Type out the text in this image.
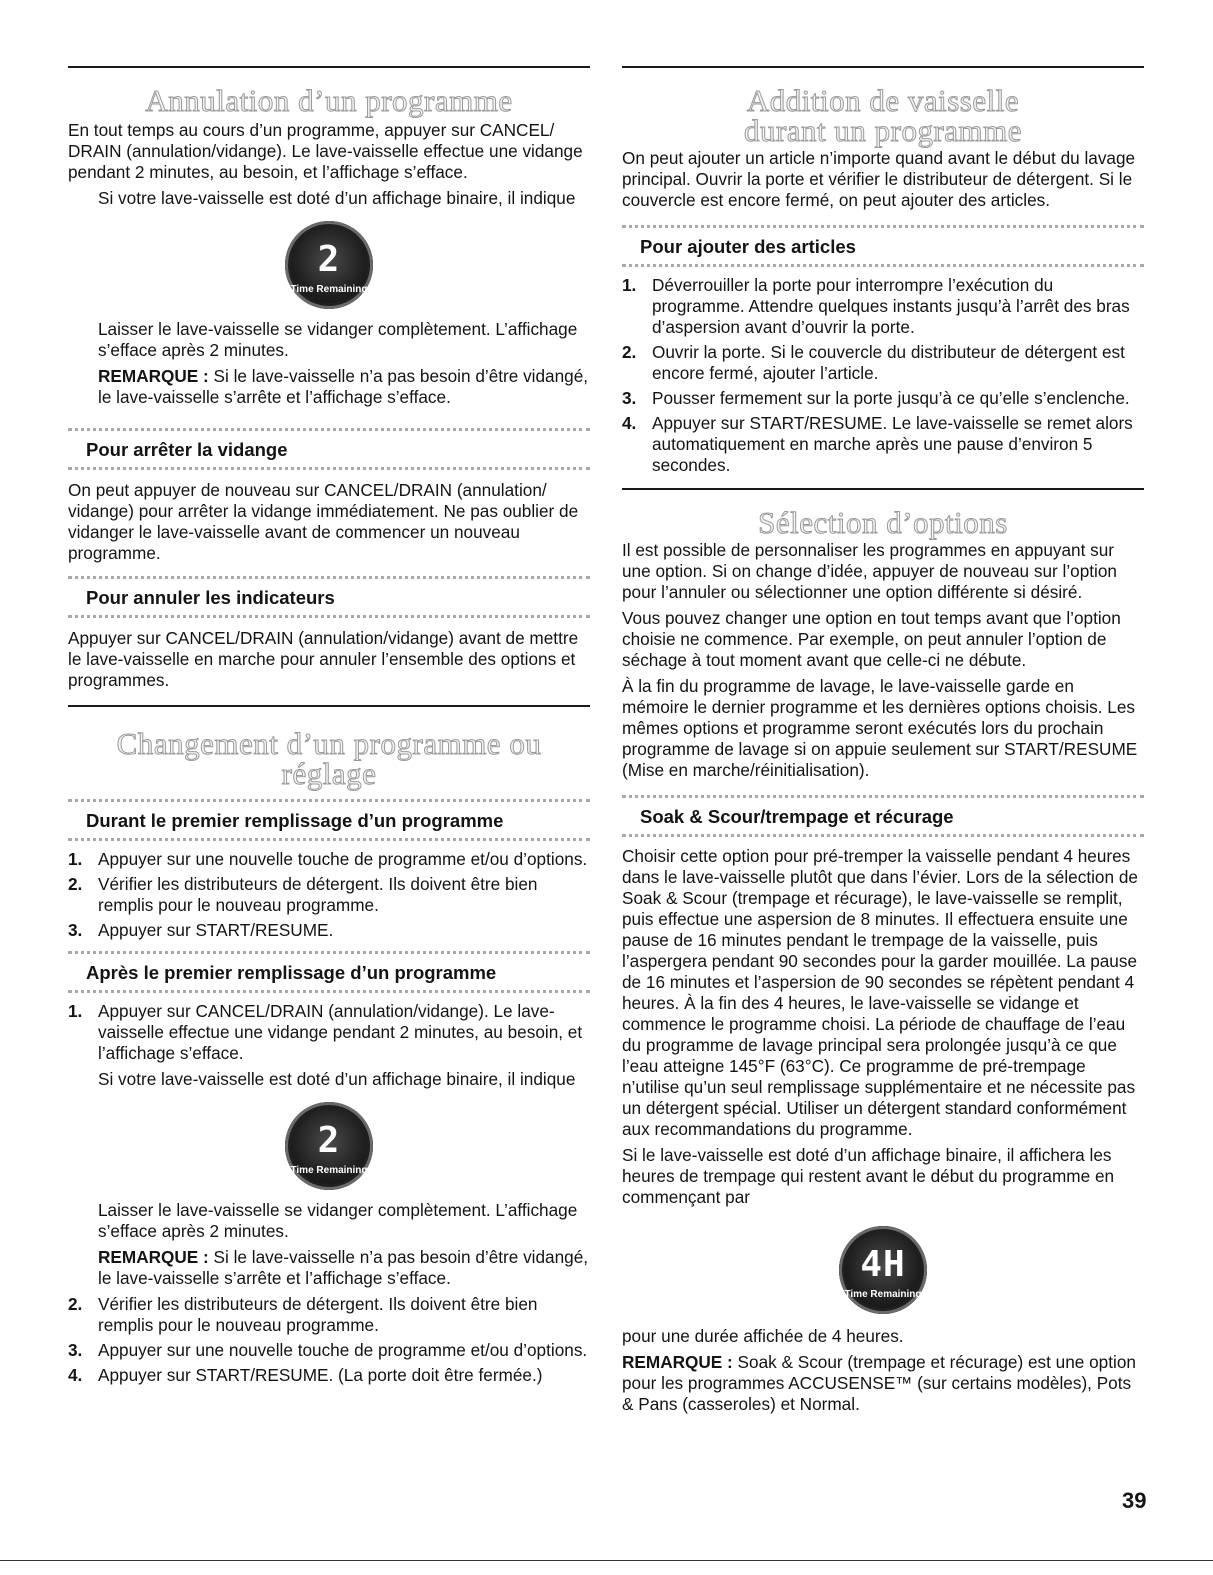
Annulation d’un programme

En tout temps au cours d’un programme, appuyer sur CANCEL/ DRAIN (annulation/vidange). Le lave-vaisselle effectue une vidange pendant 2 minutes, au besoin, et l’affichage s’efface.

Si votre lave-vaisselle est doté d’un affichage binaire, il indique

2
Time Remaining

Laisser le lave-vaisselle se vidanger complètement. L’affichage s’efface après 2 minutes.

REMARQUE : Si le lave-vaisselle n’a pas besoin d’être vidangé, le lave-vaisselle s’arrête et l’affichage s’efface.

Pour arrêter la vidange

On peut appuyer de nouveau sur CANCEL/DRAIN (annulation/ vidange) pour arrêter la vidange immédiatement. Ne pas oublier de vidanger le lave-vaisselle avant de commencer un nouveau programme.

Pour annuler les indicateurs

Appuyer sur CANCEL/DRAIN (annulation/vidange) avant de mettre le lave-vaisselle en marche pour annuler l’ensemble des options et programmes.

Changement d’un programme ou réglage
Durant le premier remplissage d’un programme
1. Appuyer sur une nouvelle touche de programme et/ou d’options.
2. Vérifier les distributeurs de détergent. Ils doivent être bien remplis pour le nouveau programme.
3. Appuyer sur START/RESUME.
Après le premier remplissage d’un programme
1. Appuyer sur CANCEL/DRAIN (annulation/vidange). Le lave-vaisselle effectue une vidange pendant 2 minutes, au besoin, et l’affichage s’efface.

Si votre lave-vaisselle est doté d’un affichage binaire, il indique

2
Time Remaining

Laisser le lave-vaisselle se vidanger complètement. L’affichage s’efface après 2 minutes.

REMARQUE : Si le lave-vaisselle n’a pas besoin d’être vidangé, le lave-vaisselle s’arrête et l’affichage s’efface.

2. Vérifier les distributeurs de détergent. Ils doivent être bien remplis pour le nouveau programme.
3. Appuyer sur une nouvelle touche de programme et/ou d’options.
4. Appuyer sur START/RESUME. (La porte doit être fermée.)
Addition de vaisselle
durant un programme

On peut ajouter un article n’importe quand avant le début du lavage principal. Ouvrir la porte et vérifier le distributeur de détergent. Si le couvercle est encore fermé, on peut ajouter des articles.

Pour ajouter des articles
1. Déverrouiller la porte pour interrompre l’exécution du programme. Attendre quelques instants jusqu’à l’arrêt des bras d’aspersion avant d’ouvrir la porte.
2. Ouvrir la porte. Si le couvercle du distributeur de détergent est encore fermé, ajouter l’article.
3. Pousser fermement sur la porte jusqu’à ce qu’elle s’enclenche.
4. Appuyer sur START/RESUME. Le lave-vaisselle se remet alors automatiquement en marche après une pause d’environ 5 secondes.
Sélection d’options

Il est possible de personnaliser les programmes en appuyant sur une option. Si on change d’idée, appuyer de nouveau sur l’option pour l’annuler ou sélectionner une option différente si désiré.

Vous pouvez changer une option en tout temps avant que l’option choisie ne commence. Par exemple, on peut annuler l’option de séchage à tout moment avant que celle-ci ne débute.

À la fin du programme de lavage, le lave-vaisselle garde en mémoire le dernier programme et les dernières options choisis. Les mêmes options et programme seront exécutés lors du prochain programme de lavage si on appuie seulement sur START/RESUME (Mise en marche/réinitialisation).

Soak & Scour/trempage et récurage

Choisir cette option pour pré-tremper la vaisselle pendant 4 heures dans le lave-vaisselle plutôt que dans l’évier. Lors de la sélection de Soak & Scour (trempage et récurage), le lave-vaisselle se remplit, puis effectue une aspersion de 8 minutes. Il effectuera ensuite une pause de 16 minutes pendant le trempage de la vaisselle, puis l’aspergera pendant 90 secondes pour la garder mouillée. La pause de 16 minutes et l’aspersion de 90 secondes se répètent pendant 4 heures. À la fin des 4 heures, le lave-vaisselle se vidange et commence le programme choisi. La période de chauffage de l’eau du programme de lavage principal sera prolongée jusqu’à ce que l’eau atteigne 145°F (63°C). Ce programme de pré-trempage n’utilise qu’un seul remplissage supplémentaire et ne nécessite pas un détergent spécial. Utiliser un détergent standard conformément aux recommandations du programme.

Si le lave-vaisselle est doté d’un affichage binaire, il affichera les heures de trempage qui restent avant le début du programme en commençant par

4H
Time Remaining

pour une durée affichée de 4 heures.

REMARQUE : Soak & Scour (trempage et récurage) est une option pour les programmes ACCUSENSE™ (sur certains modèles), Pots & Pans (casseroles) et Normal.

39
